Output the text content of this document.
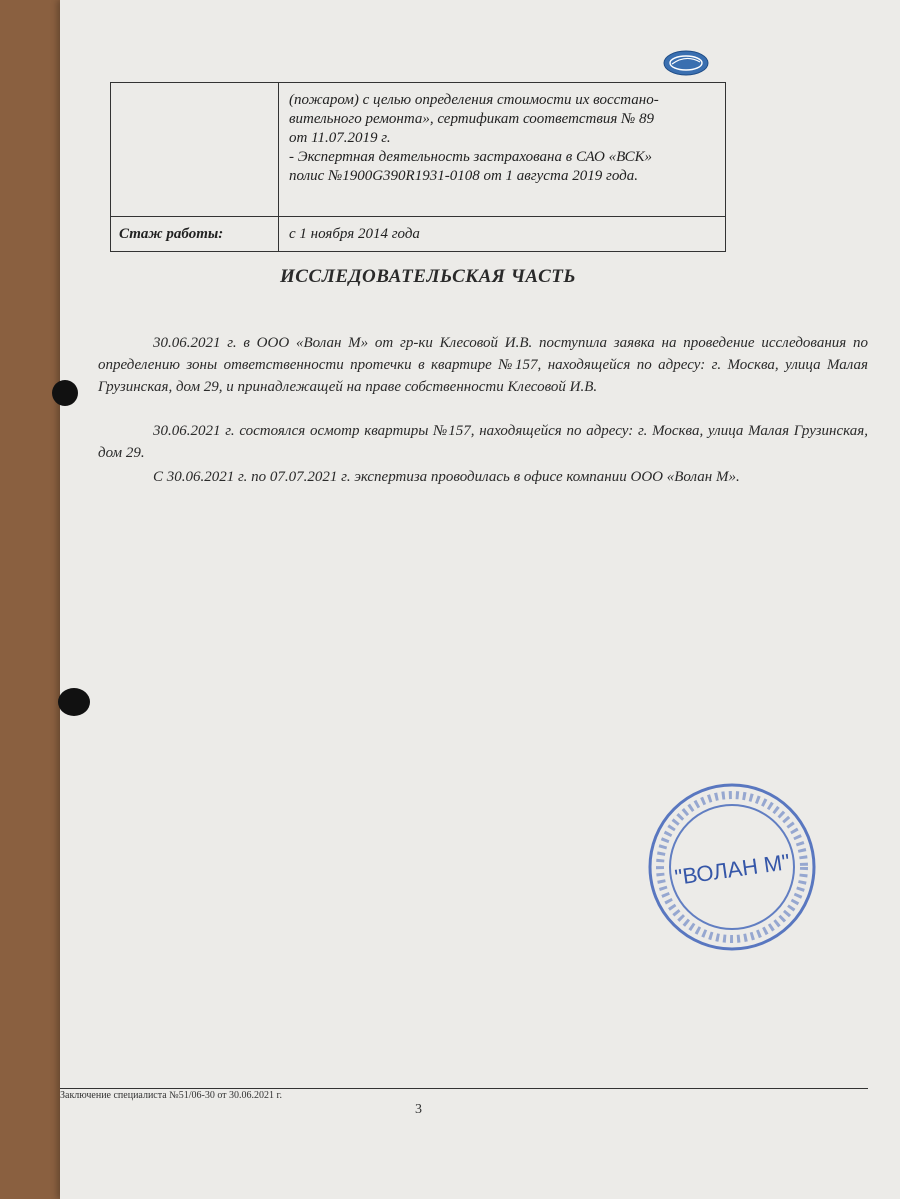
	(пожаром) с целью определения стоимости их восстано-
вительного ремонта», сертификат соответствия № 89
от 11.07.2019 г.
- Экспертная деятельность застрахована в САО «ВСК»
полис №1900G390R1931-0108 от 1 августа 2019 года.

Стаж работы:	с 1 ноября 2014 года
ИССЛЕДОВАТЕЛЬСКАЯ ЧАСТЬ

30.06.2021 г. в ООО «Волан М» от гр-ки Клесовой И.В. поступила заявка на проведение исследования по определению зоны ответственности протечки в квартире №157, находящейся по адресу: г. Москва, улица Малая Грузинская, дом 29, и принадлежащей на праве собственности Клесовой И.В.

30.06.2021 г. состоялся осмотр квартиры №157, находящейся по адресу: г. Москва, улица Малая Грузинская, дом 29.

С 30.06.2021 г. по 07.07.2021 г. экспертиза проводилась в офисе компании ООО «Волан М».

"ВОЛАН М"
Заключение специалиста №51/06-30 от 30.06.2021 г.
3
